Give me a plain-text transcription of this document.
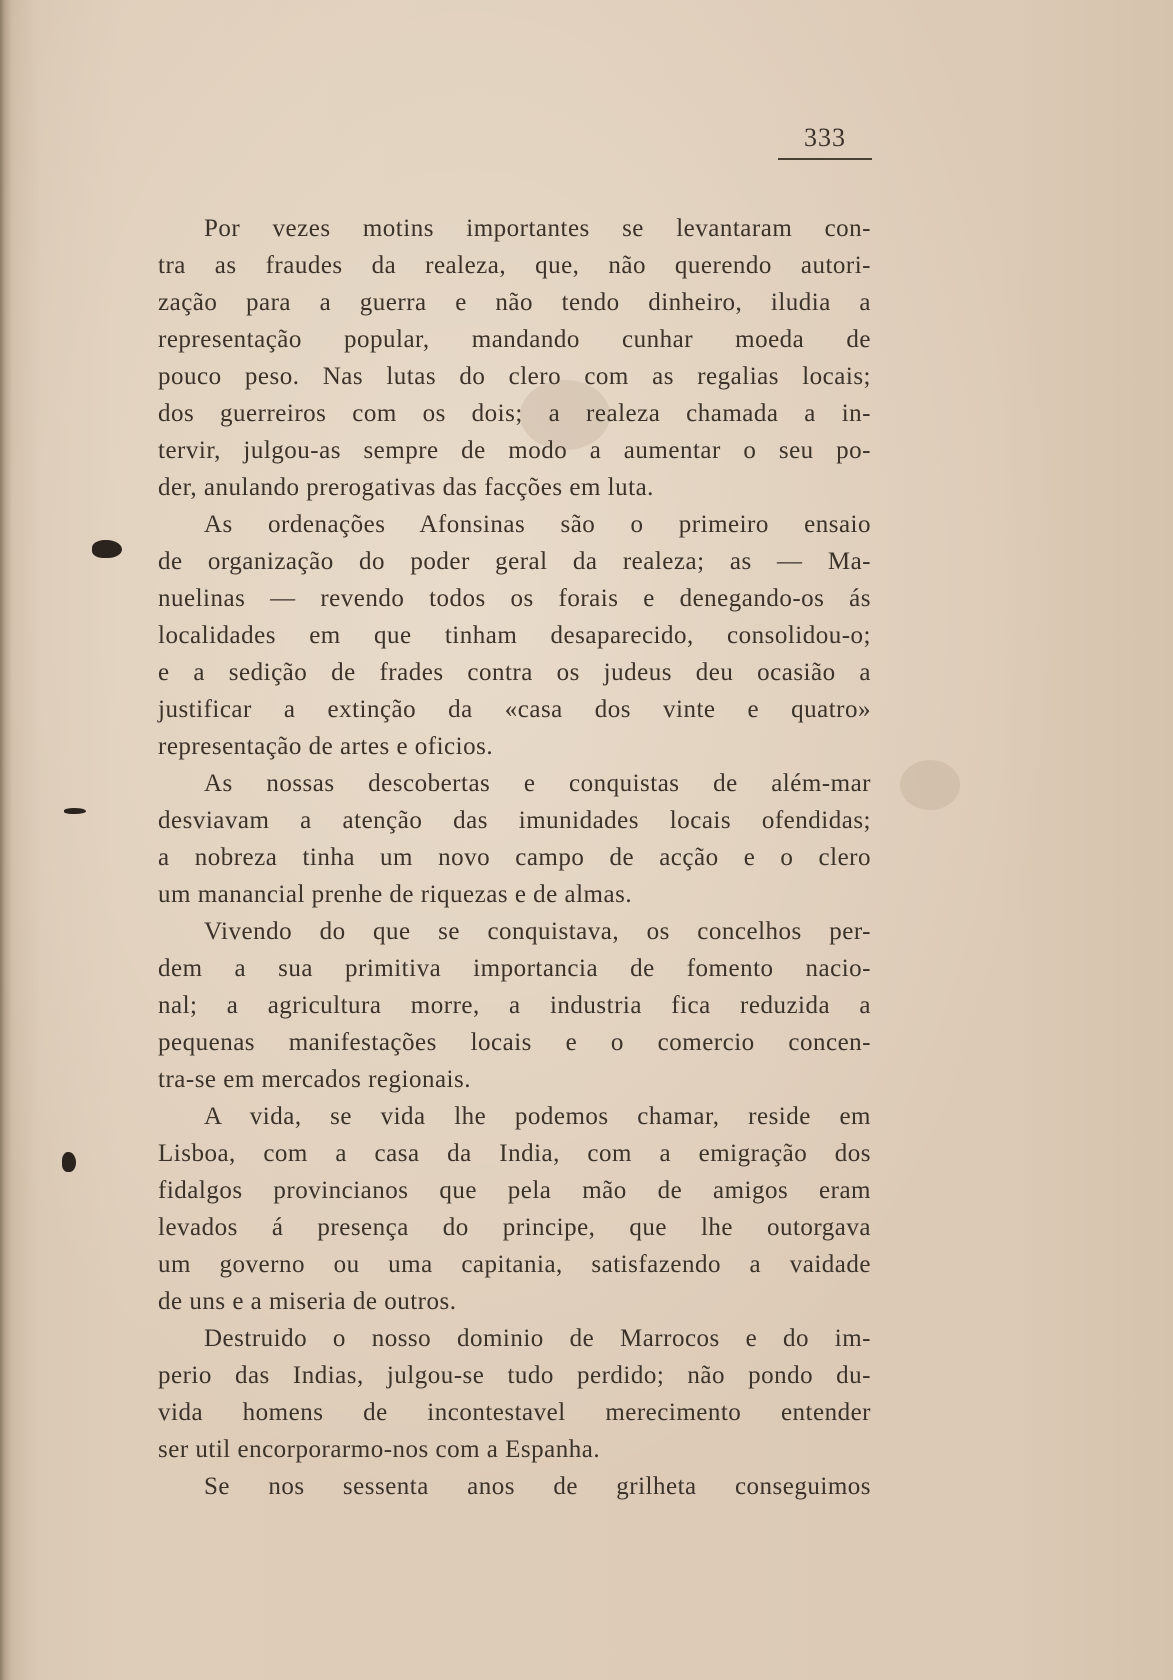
333
Por vezes motins importantes se levantaram con-
tra as fraudes da realeza, que, não querendo autori-
zação para a guerra e não tendo dinheiro, iludia a
representação popular, mandando cunhar moeda de
pouco peso. Nas lutas do clero com as regalias locais;
dos guerreiros com os dois; a realeza chamada a in-
tervir, julgou-as sempre de modo a aumentar o seu po-
der, anulando prerogativas das facções em luta.
As ordenações Afonsinas são o primeiro ensaio
de organização do poder geral da realeza; as — Ma-
nuelinas — revendo todos os forais e denegando-os ás
localidades em que tinham desaparecido, consolidou-o;
e a sedição de frades contra os judeus deu ocasião a
justificar a extinção da «casa dos vinte e quatro»
representação de artes e oficios.
As nossas descobertas e conquistas de além-mar
desviavam a atenção das imunidades locais ofendidas;
a nobreza tinha um novo campo de acção e o clero
um manancial prenhe de riquezas e de almas.
Vivendo do que se conquistava, os concelhos per-
dem a sua primitiva importancia de fomento nacio-
nal; a agricultura morre, a industria fica reduzida a
pequenas manifestações locais e o comercio concen-
tra-se em mercados regionais.
A vida, se vida lhe podemos chamar, reside em
Lisboa, com a casa da India, com a emigração dos
fidalgos provincianos que pela mão de amigos eram
levados á presença do principe, que lhe outorgava
um governo ou uma capitania, satisfazendo a vaidade
de uns e a miseria de outros.
Destruido o nosso dominio de Marrocos e do im-
perio das Indias, julgou-se tudo perdido; não pondo du-
vida homens de incontestavel merecimento entender
ser util encorporarmo-nos com a Espanha.
Se nos sessenta anos de grilheta conseguimos
